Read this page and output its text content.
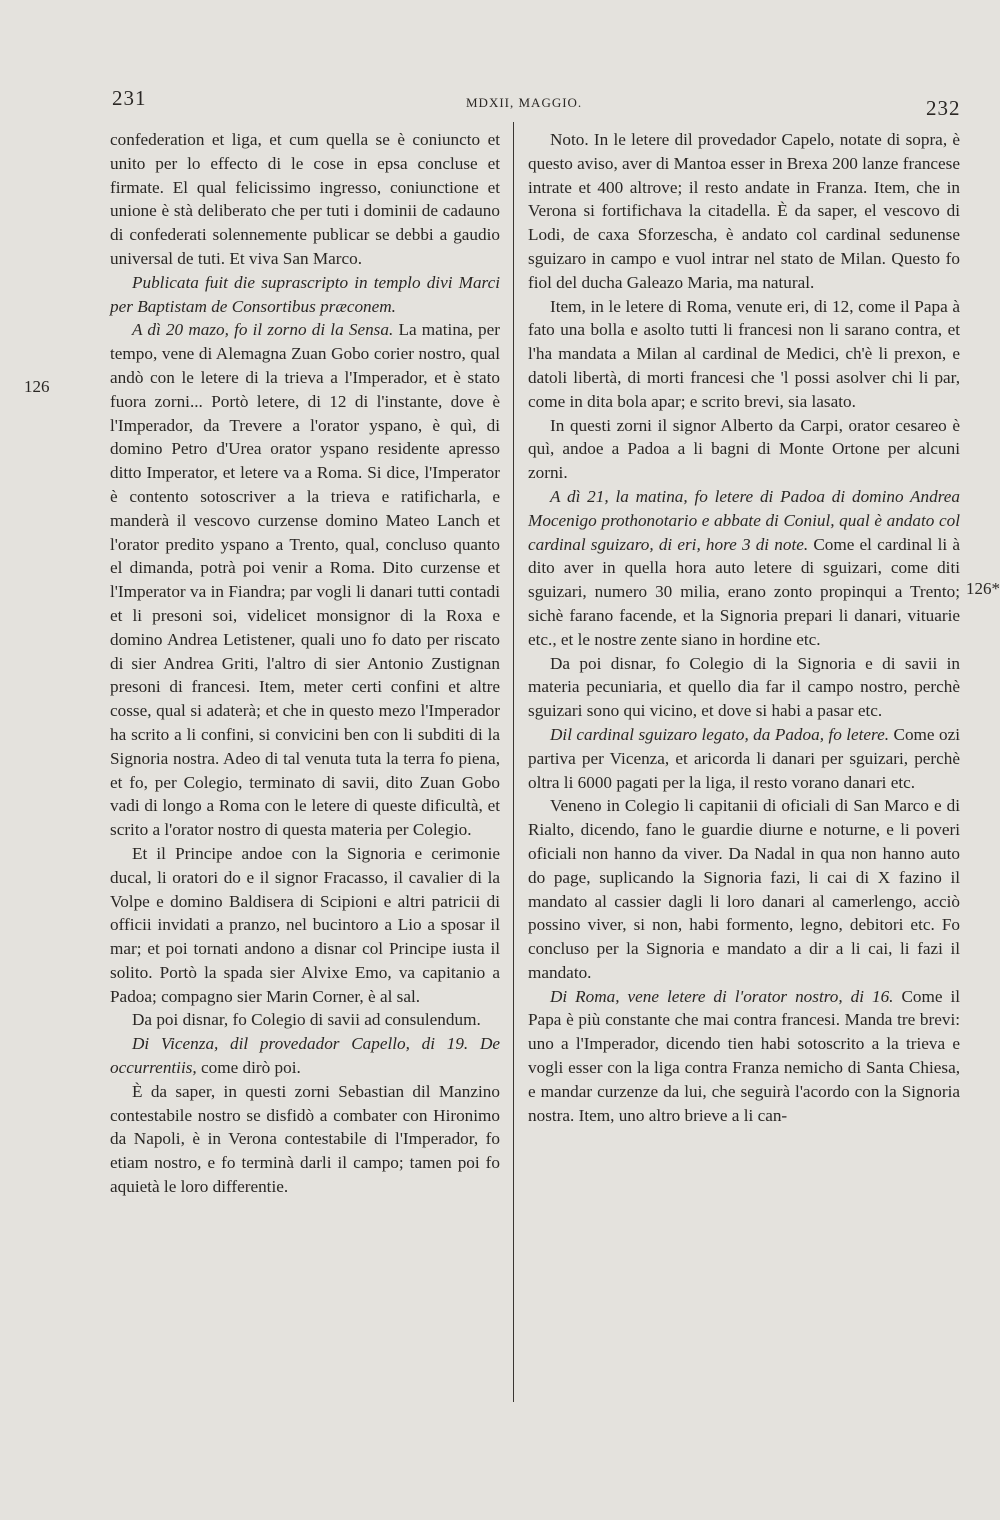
231	MDXII, MAGGIO.	232
126
126*

confederation et liga, et cum quella se è coniuncto et unito per lo effecto di le cose in epsa concluse et firmate. El qual felicissimo ingresso, coniunctione et unione è stà deliberato che per tuti i dominii de cadauno di confederati solennemente publicar se debbi a gaudio universal de tuti. Et viva San Marco.

Publicata fuit die suprascripto in templo divi Marci per Baptistam de Consortibus præconem.

A dì 20 mazo, fo il zorno di la Sensa. La matina, per tempo, vene di Alemagna Zuan Gobo corier nostro, qual andò con le letere di la trieva a l'Imperador, et è stato fuora zorni... Portò letere, di 12 di l'instante, dove è l'Imperador, da Trevere a l'orator yspano, è quì, di domino Petro d'Urea orator yspano residente apresso ditto Imperator, et letere va a Roma. Si dice, l'Imperator è contento sotoscriver a la trieva e ratificharla, e manderà il vescovo curzense domino Mateo Lanch et l'orator predito yspano a Trento, qual, concluso quanto el dimanda, potrà poi venir a Roma. Dito curzense et l'Imperator va in Fiandra; par vogli li danari tutti contadi et li presoni soi, videlicet monsignor di la Roxa e domino Andrea Letistener, quali uno fo dato per riscato di sier Andrea Griti, l'altro di sier Antonio Zustignan presoni di francesi. Item, meter certi confini et altre cosse, qual si adaterà; et che in questo mezo l'Imperador ha scrito a li confini, si convicini ben con li subditi di la Signoria nostra. Adeo di tal venuta tuta la terra fo piena, et fo, per Colegio, terminato di savii, dito Zuan Gobo vadi di longo a Roma con le letere di queste dificultà, et scrito a l'orator nostro di questa materia per Colegio.

Et il Principe andoe con la Signoria e cerimonie ducal, li oratori do e il signor Fracasso, il cavalier di la Volpe e domino Baldisera di Scipioni e altri patricii di officii invidati a pranzo, nel bucintoro a Lio a sposar il mar; et poi tornati andono a disnar col Principe iusta il solito. Portò la spada sier Alvixe Emo, va capitanio a Padoa; compagno sier Marin Corner, è al sal.

Da poi disnar, fo Colegio di savii ad consulendum.

Di Vicenza, dil provedador Capello, di 19. De occurrentiis, come dirò poi.

È da saper, in questi zorni Sebastian dil Manzino contestabile nostro se disfidò a combater con Hironimo da Napoli, è in Verona contestabile di l'Imperador, fo etiam nostro, e fo terminà darli il campo; tamen poi fo aquietà le loro differentie.

Noto. In le letere dil provedador Capelo, notate di sopra, è questo aviso, aver di Mantoa esser in Brexa 200 lanze francese intrate et 400 altrove; il resto andate in Franza. Item, che in Verona si fortifichava la citadella. È da saper, el vescovo di Lodi, de caxa Sforzescha, è andato col cardinal sedunense sguizaro in campo e vuol intrar nel stato de Milan. Questo fo fiol del ducha Galeazo Maria, ma natural.

Item, in le letere di Roma, venute eri, di 12, come il Papa à fato una bolla e asolto tutti li francesi non li sarano contra, et l'ha mandata a Milan al cardinal de Medici, ch'è li prexon, e datoli libertà, di morti francesi che 'l possi asolver chi li par, come in dita bola apar; e scrito brevi, sia lasato.

In questi zorni il signor Alberto da Carpi, orator cesareo è quì, andoe a Padoa a li bagni di Monte Ortone per alcuni zorni.

A dì 21, la matina, fo letere di Padoa di domino Andrea Mocenigo prothonotario e abbate di Coniul, qual è andato col cardinal sguizaro, di eri, hore 3 di note. Come el cardinal li à dito aver in quella hora auto letere di sguizari, come diti sguizari, numero 30 milia, erano zonto propinqui a Trento; sichè farano facende, et la Signoria prepari li danari, vituarie etc., et le nostre zente siano in hordine etc.

Da poi disnar, fo Colegio di la Signoria e di savii in materia pecuniaria, et quello dia far il campo nostro, perchè sguizari sono qui vicino, et dove si habi a pasar etc.

Dil cardinal sguizaro legato, da Padoa, fo letere. Come ozi partiva per Vicenza, et aricorda li danari per sguizari, perchè oltra li 6000 pagati per la liga, il resto vorano danari etc.

Veneno in Colegio li capitanii di oficiali di San Marco e di Rialto, dicendo, fano le guardie diurne e noturne, e li poveri oficiali non hanno da viver. Da Nadal in qua non hanno auto do page, suplicando la Signoria fazi, li cai di X fazino il mandato al cassier dagli li loro danari al camerlengo, acciò possino viver, si non, habi formento, legno, debitori etc. Fo concluso per la Signoria e mandato a dir a li cai, li fazi il mandato.

Di Roma, vene letere di l'orator nostro, di 16. Come il Papa è più constante che mai contra francesi. Manda tre brevi: uno a l'Imperador, dicendo tien habi sotoscrito a la trieva e vogli esser con la liga contra Franza nemicho di Santa Chiesa, e mandar curzenze da lui, che seguirà l'acordo con la Signoria nostra. Item, uno altro brieve a li can-
